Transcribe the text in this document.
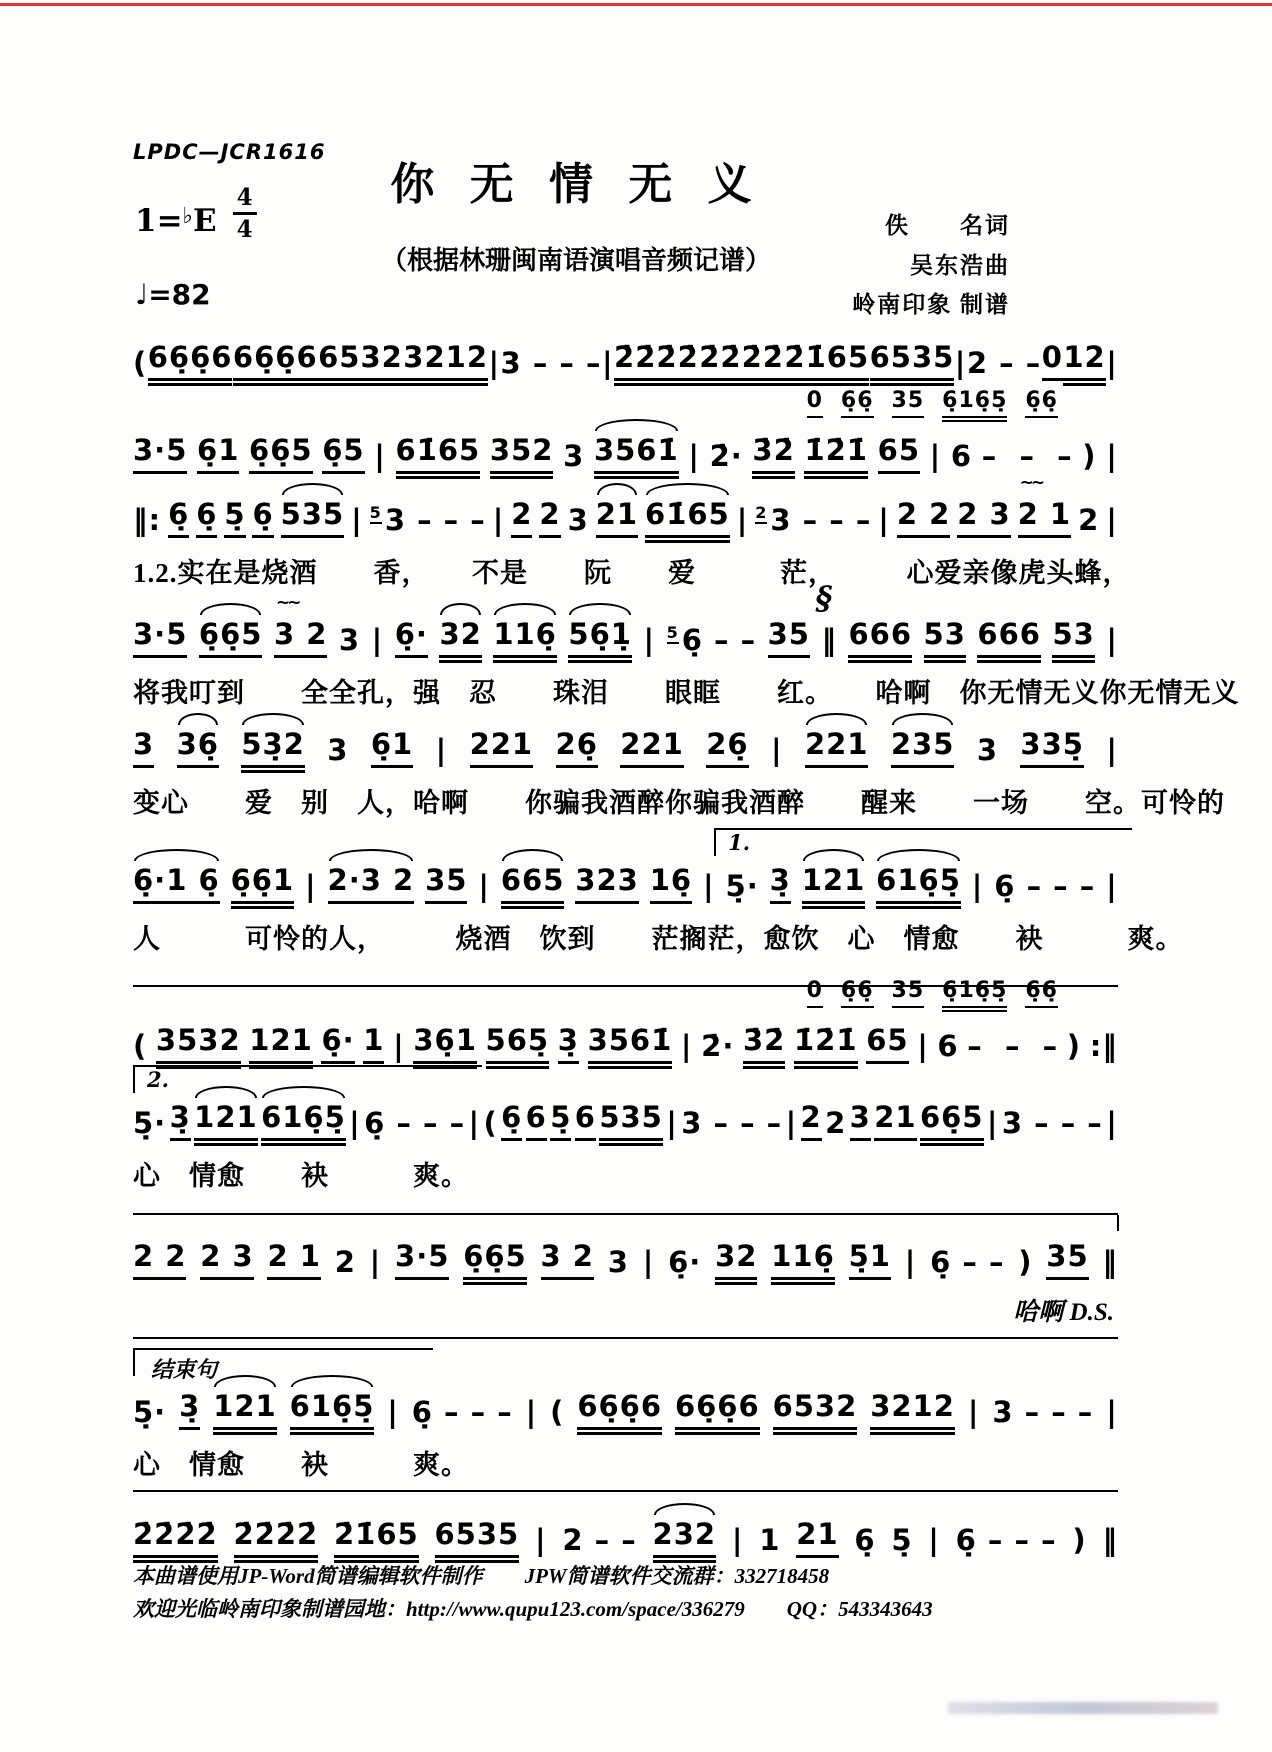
LPDC—JCR1616
你 无 情 无 义
（根据林珊闽南语演唱音频记谱）
$1=^♭E \frac{4}{4}$
♩=82
佚　　名词
吴东浩曲
岭南印象 制谱
( 66̣6̣6 66̣6̣6 6532 3212 | 3 – – – | 2̇2̇2̇2̇ 2̇2̇2̇2̇ 2̇1̇65 6535 | 2 – – 0 12 |
0 6̣6̣ 35 6̣16̣5̣ 6̣6̣
3·5 6̣1 6̣6̣5 6̣5 | 61̇65 352 3 3561̇ | 2̇· 3̇2̇ 1̇2̇1̇ 65 | 6 –  –  – ) |
‖: 6̣ 6̣ 5̣ 6̣ 535 | $^5$ 3 – – – | 2 2 3 21 61̇65 | $^2$ 3 – – – | 2 2 2 3 ~~ 2 1 2 |
1.2.实在是烧酒　　香，　　不是　　阮　　爱　　　茫，　　　心爱亲像虎头蜂，
3·5 6̣6̣5 ~~ 3 2 3 | 6̣· 32 116̣ 56̣1̣ | $^5$ 6̣ – – 35
§
‖ 666 53 666 53 |
将我叮到　　全全孔，强　忍　　珠泪　　眼眶　　红。　　哈啊　你无情无义你无情无义
3 36̣ 53̣2 3 6̣1 | 221 26̣ 221 26̣ | 221 235 3 335̣ |
变心　　爱　别　人，哈啊　　你骗我酒醉你骗我酒醉　　醒来　　一场　　空。可怜的
1.
6̣·1 6̣ 6̣6̣1 | 2·3 2 35 | 665 323 16̣ | 5̣· 3̣ 121 616̣5̣ | 6̣ – – – |
人　　　可怜的人，　　　烧酒　饮到　　茫搁茫，愈饮　心　情愈　　袂　　　爽。
0 6̣6̣ 35 6̣16̣5̣ 6̣6̣
( 3532 121 6̣· 1 | 36̣1 565̣ 3̣ 3561̇ | 2̇· 3̇2̇ 1̇2̇1̇ 65 | 6 –  –  – ) :‖
2.
5̣· 3̣ 121 616̣5̣ | 6̣ – – – | ( 6̣ 6 5̣ 6 535 | 3 – – – | 2 2 3 21 66̣5 | 3 – – – |
心　情愈　　袂　　　爽。
2 2 2 3 2 1 2 | 3·5 6̣6̣5 3 2 3 | 6̣· 32 116̣ 5̣1 | 6̣ – – ) 35 ‖
哈啊 D.S.
结束句
5̣· 3̣ 121 616̣5̣ | 6̣ – – – | ( 66̣6̣6 66̣6̣6 6532 3212 | 3 – – – |
心　情愈　　袂　　　爽。
2̇2̇2̇2̇ 2̇2̇2̇2̇ 2̇1̇65 6535 | 2 – – 232 | 1 21 6̣ 5̣ | 6̣ – – – ) ‖
本曲谱使用JP-Word简谱编辑软件制作　　JPW简谱软件交流群：332718458
欢迎光临岭南印象制谱园地：http://www.qupu123.com/space/336279　　QQ：543343643
